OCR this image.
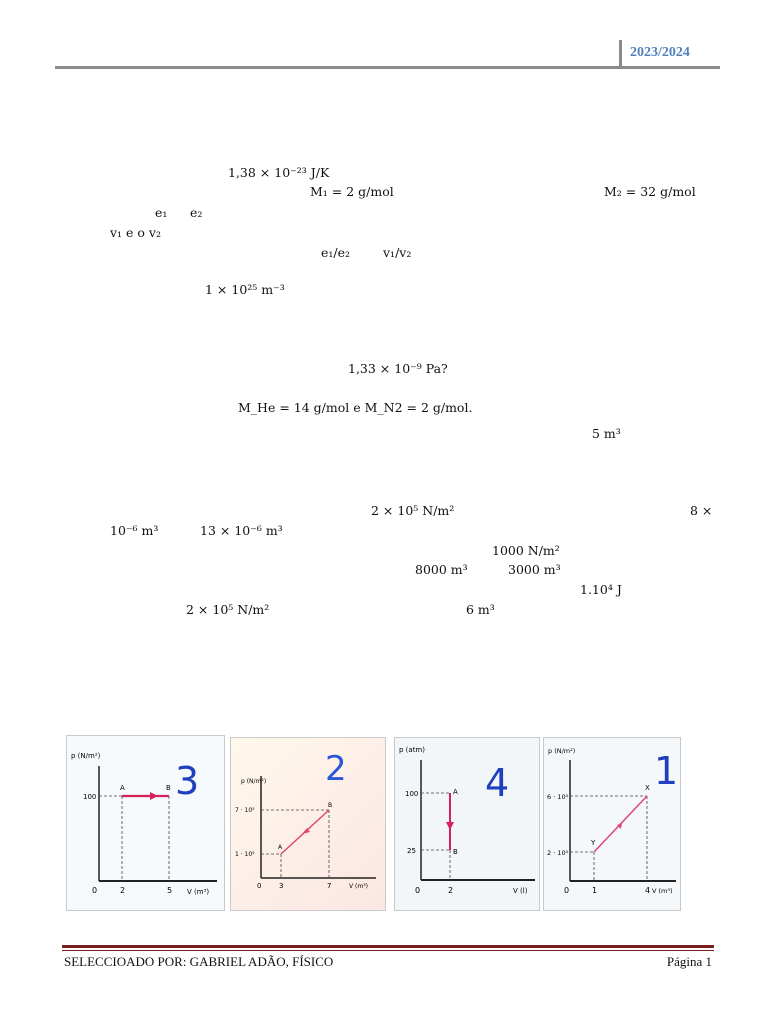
2023/2024
1,38 × 10⁻²³ J/K
M₁ = 2 g/mol	M₂ = 32 g/mol
e₁ e₂
v₁ e o v₂
e₁/e₂	v₁/v₂
1 × 10²⁵ m⁻³
1,33 × 10⁻⁹ Pa?
M_He = 14 g/mol e M_N2 = 2 g/mol.
5 m³
2 × 10⁵ N/m²	8 ×
10⁻⁶ m³	13 × 10⁻⁶ m³
1000 N/m²
8000 m³	3000 m³
1.10⁴ J
2 × 10⁵ N/m²	6 m³
p (N/m²)
V (m³)
0
100
2	5
A	B 3	p (N/m²)
V (m³)
0
7 · 10⁵
1 · 10⁵
3	7
A
B
2	p (atm)
V (l)
0
100
25
2
A
B
4
p (N/m²)
V (m³)
0
6 · 10⁵
2 · 10⁵
1	4
Y
X 1
SELECCIOADO POR: GABRIEL ADÃO, FÍSICO	Página 1
